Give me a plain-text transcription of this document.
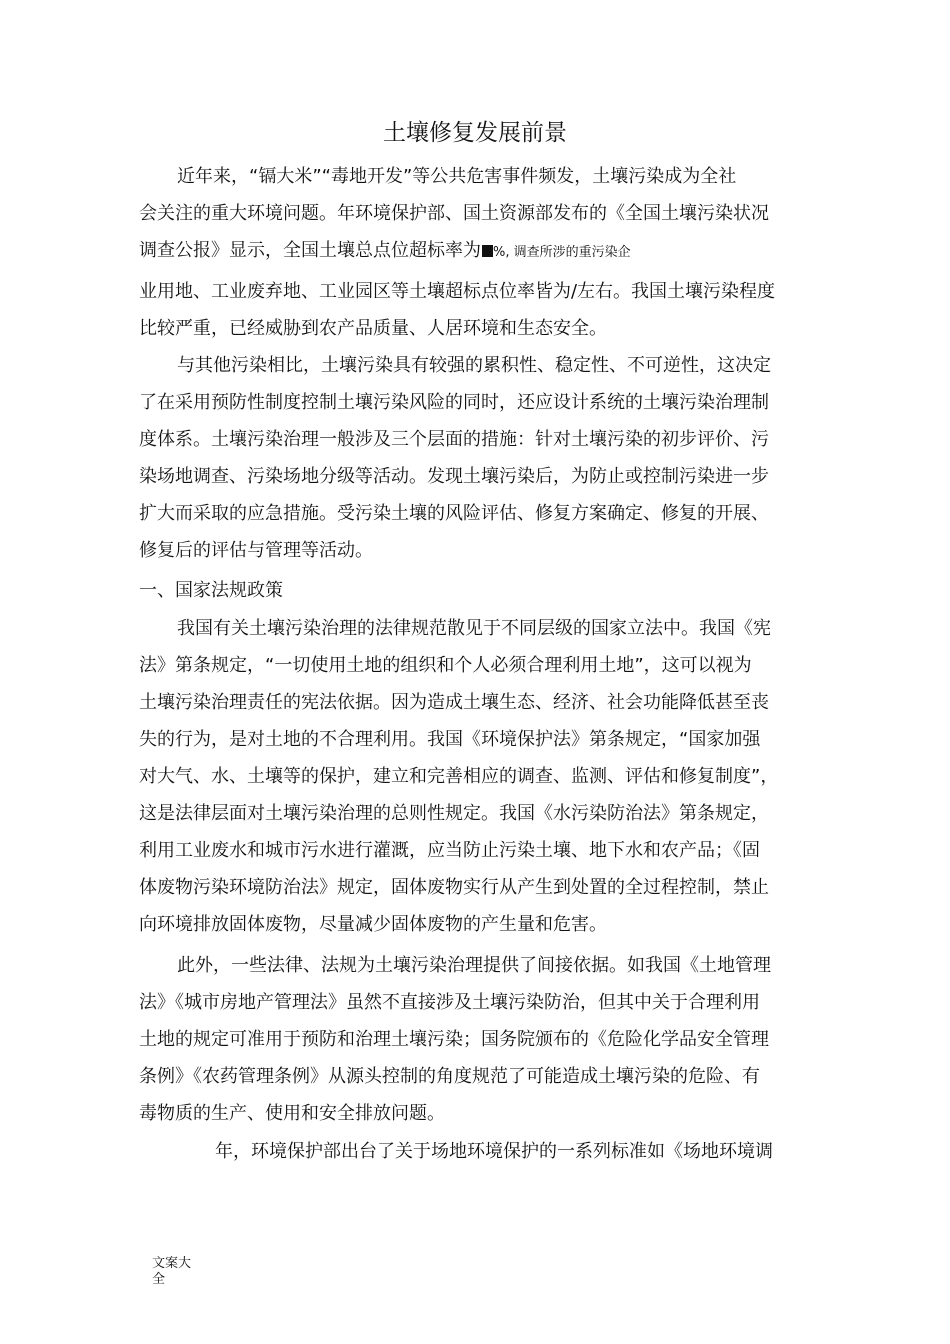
土壤修复发展前景
近年来，“镉大米”“毒地开发”等公共危害事件频发，土壤污染成为全社
会关注的重大环境问题。年环境保护部、国土资源部发布的《全国土壤污染状况
调查公报》显示，全国土壤总点位超标率为 %, 调查所涉的重污染企
业用地、工业废弃地、工业园区等土壤超标点位率皆为/左右。我国土壤污染程度
比较严重，已经威胁到农产品质量、人居环境和生态安全。
与其他污染相比，土壤污染具有较强的累积性、稳定性、不可逆性，这决定
了在采用预防性制度控制土壤污染风险的同时，还应设计系统的土壤污染治理制
度体系。土壤污染治理一般涉及三个层面的措施：针对土壤污染的初步评价、污
染场地调查、污染场地分级等活动。发现土壤污染后，为防止或控制污染进一步
扩大而采取的应急措施。受污染土壤的风险评估、修复方案确定、修复的开展、
修复后的评估与管理等活动。
一、国家法规政策
我国有关土壤污染治理的法律规范散见于不同层级的国家立法中。我国《宪
法》第条规定，“一切使用土地的组织和个人必须合理利用土地”，这可以视为
土壤污染治理责任的宪法依据。因为造成土壤生态、经济、社会功能降低甚至丧
失的行为，是对土地的不合理利用。我国《环境保护法》第条规定，“国家加强
对大气、水、土壤等的保护，建立和完善相应的调查、监测、评估和修复制度”，
这是法律层面对土壤污染治理的总则性规定。我国《水污染防治法》第条规定，
利用工业废水和城市污水进行灌溉，应当防止污染土壤、地下水和农产品；《固
体废物污染环境防治法》规定，固体废物实行从产生到处置的全过程控制，禁止
向环境排放固体废物，尽量减少固体废物的产生量和危害。
此外，一些法律、法规为土壤污染治理提供了间接依据。如我国《土地管理
法》《城市房地产管理法》虽然不直接涉及土壤污染防治，但其中关于合理利用
土地的规定可准用于预防和治理土壤污染；国务院颁布的《危险化学品安全管理
条例》《农药管理条例》从源头控制的角度规范了可能造成土壤污染的危险、有
毒物质的生产、使用和安全排放问题。
年，环境保护部出台了关于场地环境保护的一系列标准如《场地环境调
文案大全
